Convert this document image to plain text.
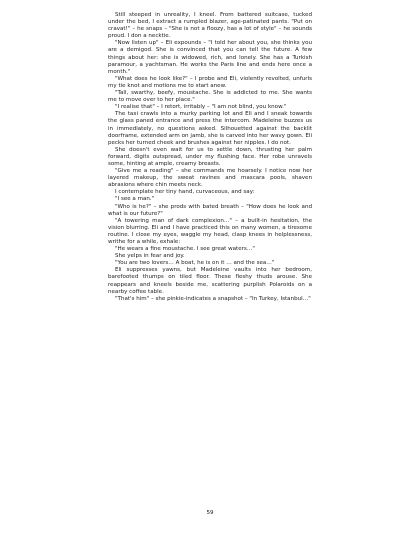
Still steeped in unreality, I kneel. From battered suitcase, tucked under the bed, I extract a rumpled blazer, age-patinated pants. "Put on cravat!" – he snaps – "She is not a floozy, has a lot of style" – he sounds proud. I don a necktie.

"Now listen up" – Eli expounds – "I told her about you, she thinks you are a demigod. She is convinced that you can tell the future. A few things about her: she is widowed, rich, and lonely. She has a Turkish paramour, a yachtsman. He works the Paris line and ends here once a month."

"What does he look like?" – I probe and Eli, violently revolted, unfurls my tie knot and motions me to start anew.

"Tall, swarthy, beefy, moustache. She is addicted to me. She wants me to move over to her place."

"I realise that" – I retort, irritably – "I am not blind, you know."

The taxi crawls into a murky parking lot and Eli and I sneak towards the glass paned entrance and press the intercom. Madeleine buzzes us in immediately, no questions asked. Silhouetted against the backlit doorframe, extended arm on jamb, she is carved into her wavy gown. Eli pecks her turned cheek and brushes against her nipples. I do not.

She doesn't even wait for us to settle down, thrusting her palm forward, digits outspread, under my flushing face. Her robe unravels some, hinting at ample, creamy breasts.

"Give me a reading" – she commands me hoarsely. I notice now her layered makeup, the sweat ravines and mascara pools, shaven abrasions where chin meets neck.

I contemplate her tiny hand, curvaceous, and say:

"I see a man."

"Who is he?" – she prods with bated breath – "How does he look and what is our future?"

"A towering man of dark complexion…" – a built-in hesitation, the vision blurring. Eli and I have practiced this on many women, a tiresome routine. I close my eyes, waggle my head, clasp knees in helplessness, writhe for a while, exhale:

"He wears a fine moustache. I see great waters…"

She yelps in fear and joy.

"You are two lovers… A boat, he is on it … and the sea…"

Eli suppresses yawns, but Madeleine vaults into her bedroom, barefooted thumps on tiled floor. These fleshy thuds arouse. She reappears and kneels beside me, scattering purplish Polaroids on a nearby coffee table.

"That's him" – she pinkie-indicates a snapshot – "In Turkey, Istanbul…"

59
